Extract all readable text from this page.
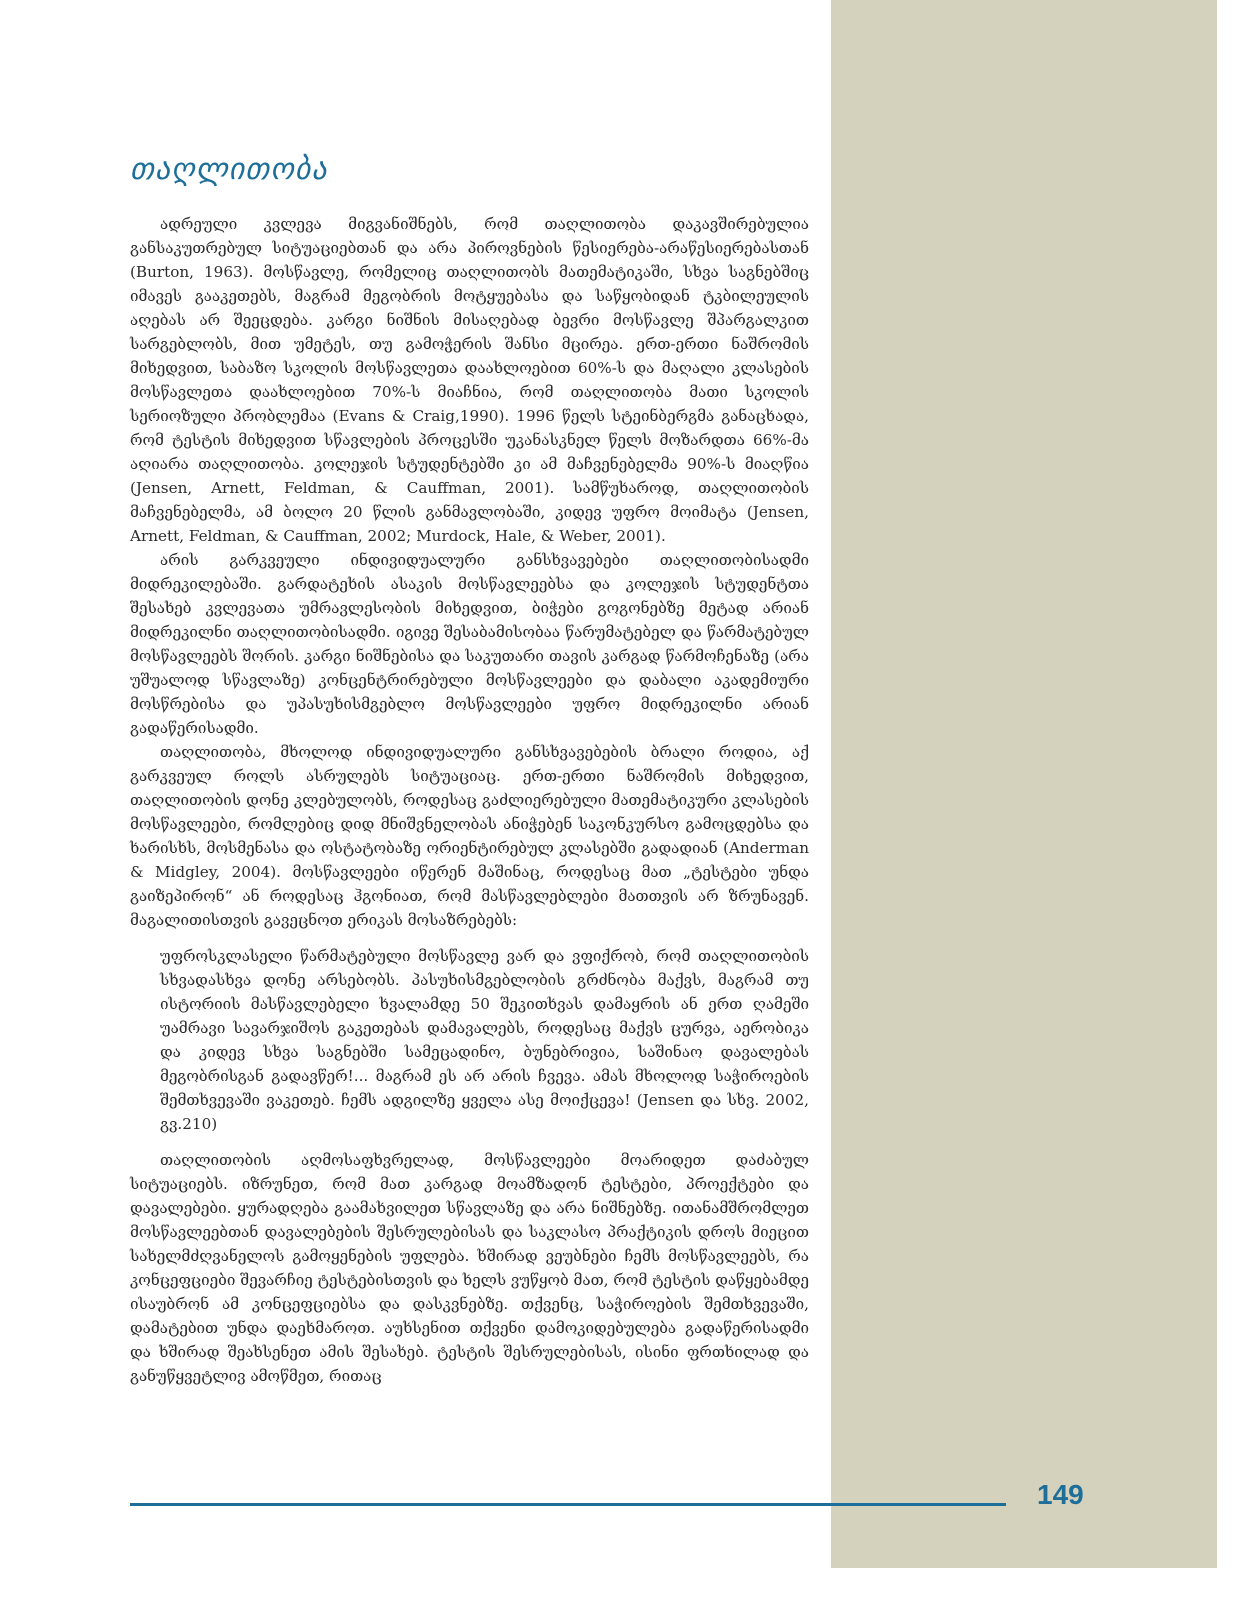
თაღლითობა

ადრეული კვლევა მიგვანიშნებს, რომ თაღლითობა დაკავშირებულია განსაკუთრებულ სიტუაციებთან და არა პიროვნების წესიერება-არაწესიერებასთან (Burton, 1963). მოსწავლე, რომელიც თაღლითობს მათემატიკაში, სხვა საგნებშიც იმავეს გააკეთებს, მაგრამ მეგობრის მოტყუებასა და საწყობიდან ტკბილეულის აღებას არ შეეცდება. კარგი ნიშნის მისაღებად ბევრი მოსწავლე შპარგალკით სარგებლობს, მით უმეტეს, თუ გამოჭერის შანსი მცირეა. ერთ-ერთი ნაშრომის მიხედვით, საბაზო სკოლის მოსწავლეთა დაახლოებით 60%-ს და მაღალი კლასების მოსწავლეთა დაახლოებით 70%-ს მიაჩნია, რომ თაღლითობა მათი სკოლის სერიოზული პრობლემაა (Evans & Craig,1990). 1996 წელს სტეინბერგმა განაცხადა, რომ ტესტის მიხედვით სწავლების პროცესში უკანასკნელ წელს მოზარდთა 66%-მა აღიარა თაღლითობა. კოლეჯის სტუდენტებში კი ამ მაჩვენებელმა 90%-ს მიაღწია (Jensen, Arnett, Feldman, & Cauffman, 2001). სამწუხაროდ, თაღლითობის მაჩვენებელმა, ამ ბოლო 20 წლის განმავლობაში, კიდევ უფრო მოიმატა (Jensen, Arnett, Feldman, & Cauffman, 2002; Murdock, Hale, & Weber, 2001).

არის გარკვეული ინდივიდუალური განსხვავებები თაღლითობისადმი მიდრეკილებაში. გარდატეხის ასაკის მოსწავლეებსა და კოლეჯის სტუდენტთა შესახებ კვლევათა უმრავლესობის მიხედვით, ბიჭები გოგონებზე მეტად არიან მიდრეკილნი თაღლითობისადმი. იგივე შესაბამისობაა წარუმატებელ და წარმატებულ მოსწავლეებს შორის. კარგი ნიშნებისა და საკუთარი თავის კარგად წარმოჩენაზე (არა უშუალოდ სწავლაზე) კონცენტრირებული მოსწავლეები და დაბალი აკადემიური მოსწრებისა და უპასუხისმგებლო მოსწავლეები უფრო მიდრეკილნი არიან გადაწერისადმი.

თაღლითობა, მხოლოდ ინდივიდუალური განსხვავებების ბრალი როდია, აქ გარკვეულ როლს ასრულებს სიტუაციაც. ერთ-ერთი ნაშრომის მიხედვით, თაღლითობის დონე კლებულობს, როდესაც გაძლიერებული მათემატიკური კლასების მოსწავლეები, რომლებიც დიდ მნიშვნელობას ანიჭებენ საკონკურსო გამოცდებსა და ხარისხს, მოსმენასა და ოსტატობაზე ორიენტირებულ კლასებში გადადიან (Anderman & Midgley, 2004). მოსწავლეები იწერენ მაშინაც, როდესაც მათ „ტესტები უნდა გაიზეპირონ“ ან როდესაც ჰგონიათ, რომ მასწავლებლები მათთვის არ ზრუნავენ. მაგალითისთვის გავეცნოთ ერიკას მოსაზრებებს:

უფროსკლასელი წარმატებული მოსწავლე ვარ და ვფიქრობ, რომ თაღლითობის სხვადასხვა დონე არსებობს. პასუხისმგებლობის გრძნობა მაქვს, მაგრამ თუ ისტორიის მასწავლებელი ხვალამდე 50 შეკითხვას დამაყრის ან ერთ ღამეში უამრავი სავარჯიშოს გაკეთებას დამავალებს, როდესაც მაქვს ცურვა, აერობიკა და კიდევ სხვა საგნებში სამეცადინო, ბუნებრივია, საშინაო დავალებას მეგობრისგან გადავწერ!... მაგრამ ეს არ არის ჩვევა. ამას მხოლოდ საჭიროების შემთხვევაში ვაკეთებ. ჩემს ადგილზე ყველა ასე მოიქცევა! (Jensen და სხვ. 2002, გვ.210)

თაღლითობის აღმოსაფხვრელად, მოსწავლეები მოარიდეთ დაძაბულ სიტუაციებს. იზრუნეთ, რომ მათ კარგად მოამზადონ ტესტები, პროექტები და დავალებები. ყურადღება გაამახვილეთ სწავლაზე და არა ნიშნებზე. ითანამშრომლეთ მოსწავლეებთან დავალებების შესრულებისას და საკლასო პრაქტიკის დროს მიეცით სახელმძღვანელოს გამოყენების უფლება. ხშირად ვეუბნები ჩემს მოსწავლეებს, რა კონცეფციები შევარჩიე ტესტებისთვის და ხელს ვუწყობ მათ, რომ ტესტის დაწყებამდე ისაუბრონ ამ კონცეფციებსა და დასკვნებზე. თქვენც, საჭიროების შემთხვევაში, დამატებით უნდა დაეხმაროთ. აუხსენით თქვენი დამოკიდებულება გადაწერისადმი და ხშირად შეახსენეთ ამის შესახებ. ტესტის შესრულებისას, ისინი ფრთხილად და განუწყვეტლივ ამოწმეთ, რითაც

149
